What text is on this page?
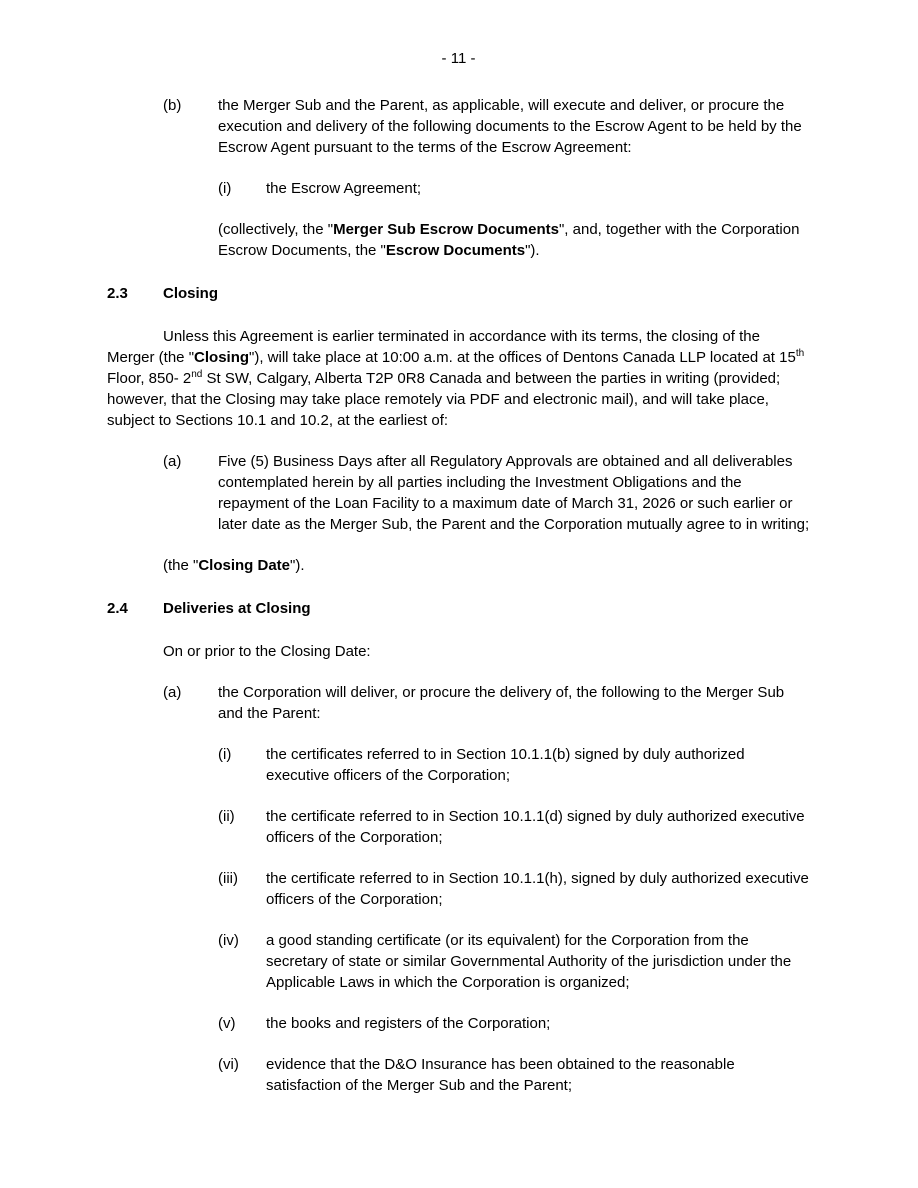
- 11 -
(b)	the Merger Sub and the Parent, as applicable, will execute and deliver, or procure the execution and delivery of the following documents to the Escrow Agent to be held by the Escrow Agent pursuant to the terms of the Escrow Agreement:
(i)	the Escrow Agreement;
(collectively, the "Merger Sub Escrow Documents", and, together with the Corporation Escrow Documents, the "Escrow Documents").
2.3	Closing
Unless this Agreement is earlier terminated in accordance with its terms, the closing of the Merger (the "Closing"), will take place at 10:00 a.m. at the offices of Dentons Canada LLP located at 15th Floor, 850- 2nd St SW, Calgary, Alberta T2P 0R8 Canada and between the parties in writing (provided; however, that the Closing may take place remotely via PDF and electronic mail), and will take place, subject to Sections 10.1 and 10.2, at the earliest of:
(a)	Five (5) Business Days after all Regulatory Approvals are obtained and all deliverables contemplated herein by all parties including the Investment Obligations and the repayment of the Loan Facility to a maximum date of March 31, 2026 or such earlier or later date as the Merger Sub, the Parent and the Corporation mutually agree to in writing;
(the "Closing Date").
2.4	Deliveries at Closing
On or prior to the Closing Date:
(a)	the Corporation will deliver, or procure the delivery of, the following to the Merger Sub and the Parent:
(i)	the certificates referred to in Section 10.1.1(b) signed by duly authorized executive officers of the Corporation;
(ii)	the certificate referred to in Section 10.1.1(d) signed by duly authorized executive officers of the Corporation;
(iii)	the certificate referred to in Section 10.1.1(h), signed by duly authorized executive officers of the Corporation;
(iv)	a good standing certificate (or its equivalent) for the Corporation from the secretary of state or similar Governmental Authority of the jurisdiction under the Applicable Laws in which the Corporation is organized;
(v)	the books and registers of the Corporation;
(vi)	evidence that the D&O Insurance has been obtained to the reasonable satisfaction of the Merger Sub and the Parent;
